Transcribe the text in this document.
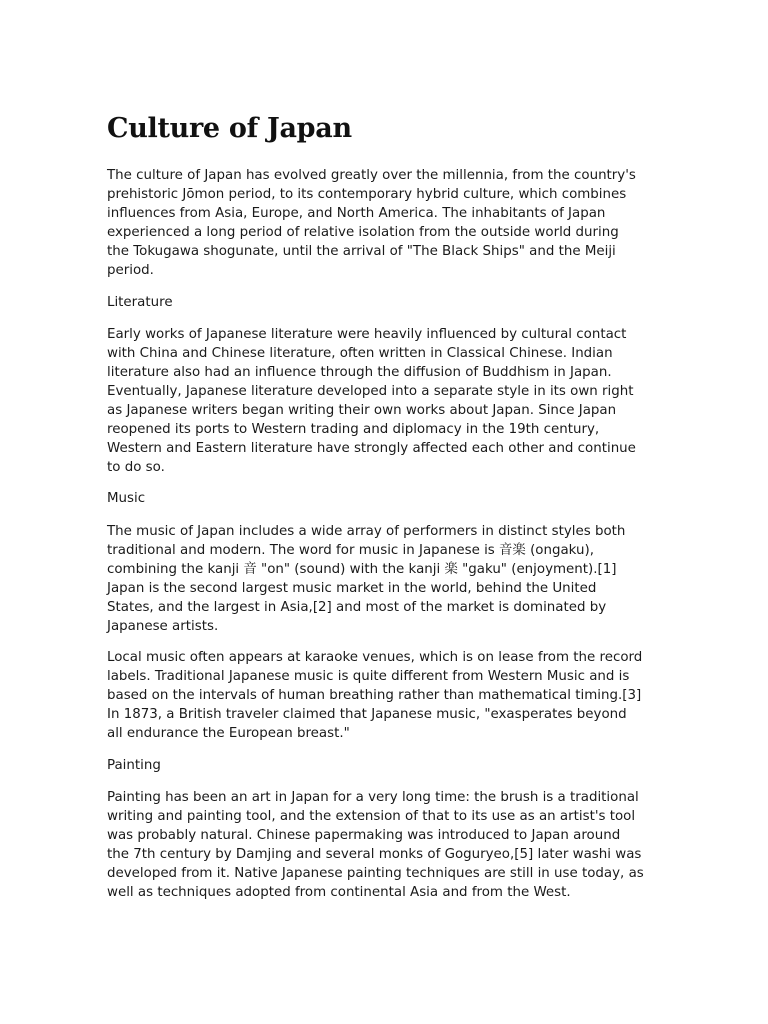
Culture of Japan

The culture of Japan has evolved greatly over the millennia, from the country's
prehistoric Jōmon period, to its contemporary hybrid culture, which combines
influences from Asia, Europe, and North America. The inhabitants of Japan
experienced a long period of relative isolation from the outside world during
the Tokugawa shogunate, until the arrival of "The Black Ships" and the Meiji
period.

Literature

Early works of Japanese literature were heavily influenced by cultural contact
with China and Chinese literature, often written in Classical Chinese. Indian
literature also had an influence through the diffusion of Buddhism in Japan.
Eventually, Japanese literature developed into a separate style in its own right
as Japanese writers began writing their own works about Japan. Since Japan
reopened its ports to Western trading and diplomacy in the 19th century,
Western and Eastern literature have strongly affected each other and continue
to do so.

Music

The music of Japan includes a wide array of performers in distinct styles both
traditional and modern. The word for music in Japanese is 音楽 (ongaku),
combining the kanji 音 "on" (sound) with the kanji 楽 "gaku" (enjoyment).[1]
Japan is the second largest music market in the world, behind the United
States, and the largest in Asia,[2] and most of the market is dominated by
Japanese artists.

Local music often appears at karaoke venues, which is on lease from the record
labels. Traditional Japanese music is quite different from Western Music and is
based on the intervals of human breathing rather than mathematical timing.[3]
In 1873, a British traveler claimed that Japanese music, "exasperates beyond
all endurance the European breast."

Painting

Painting has been an art in Japan for a very long time: the brush is a traditional
writing and painting tool, and the extension of that to its use as an artist's tool
was probably natural. Chinese papermaking was introduced to Japan around
the 7th century by Damjing and several monks of Goguryeo,[5] later washi was
developed from it. Native Japanese painting techniques are still in use today, as
well as techniques adopted from continental Asia and from the West.
